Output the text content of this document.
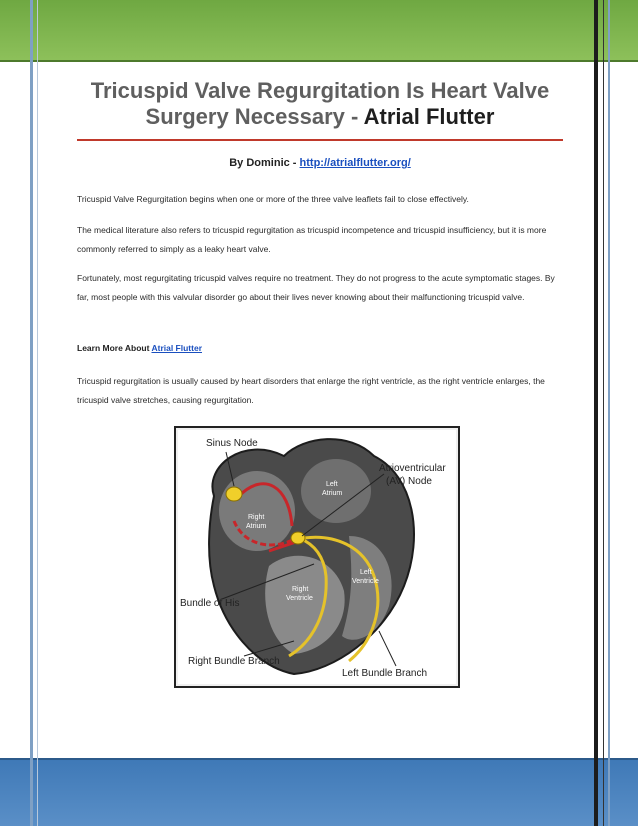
Tricuspid Valve Regurgitation Is Heart Valve Surgery Necessary - Atrial Flutter
By Dominic - http://atrialflutter.org/
Tricuspid Valve Regurgitation begins when one or more of the three valve leaflets fail to close effectively.
The medical literature also refers to tricuspid regurgitation as tricuspid incompetence and tricuspid insufficiency, but it is more commonly referred to simply as a leaky heart valve.
Fortunately, most regurgitating tricuspid valves require no treatment. They do not progress to the acute symptomatic stages. By far, most people with this valvular disorder go about their lives never knowing about their malfunctioning tricuspid valve.
Learn More About Atrial Flutter
Tricuspid regurgitation is usually caused by heart disorders that enlarge the right ventricle, as the right ventricle enlarges, the tricuspid valve stretches, causing regurgitation.
Sinus Node
Atrioventricular
(AV) Node
Bundle of His
Right Bundle Branch
Left Bundle Branch
Left
Atrium
Right
Atrium
Right
Ventricle
Left
Ventricle
